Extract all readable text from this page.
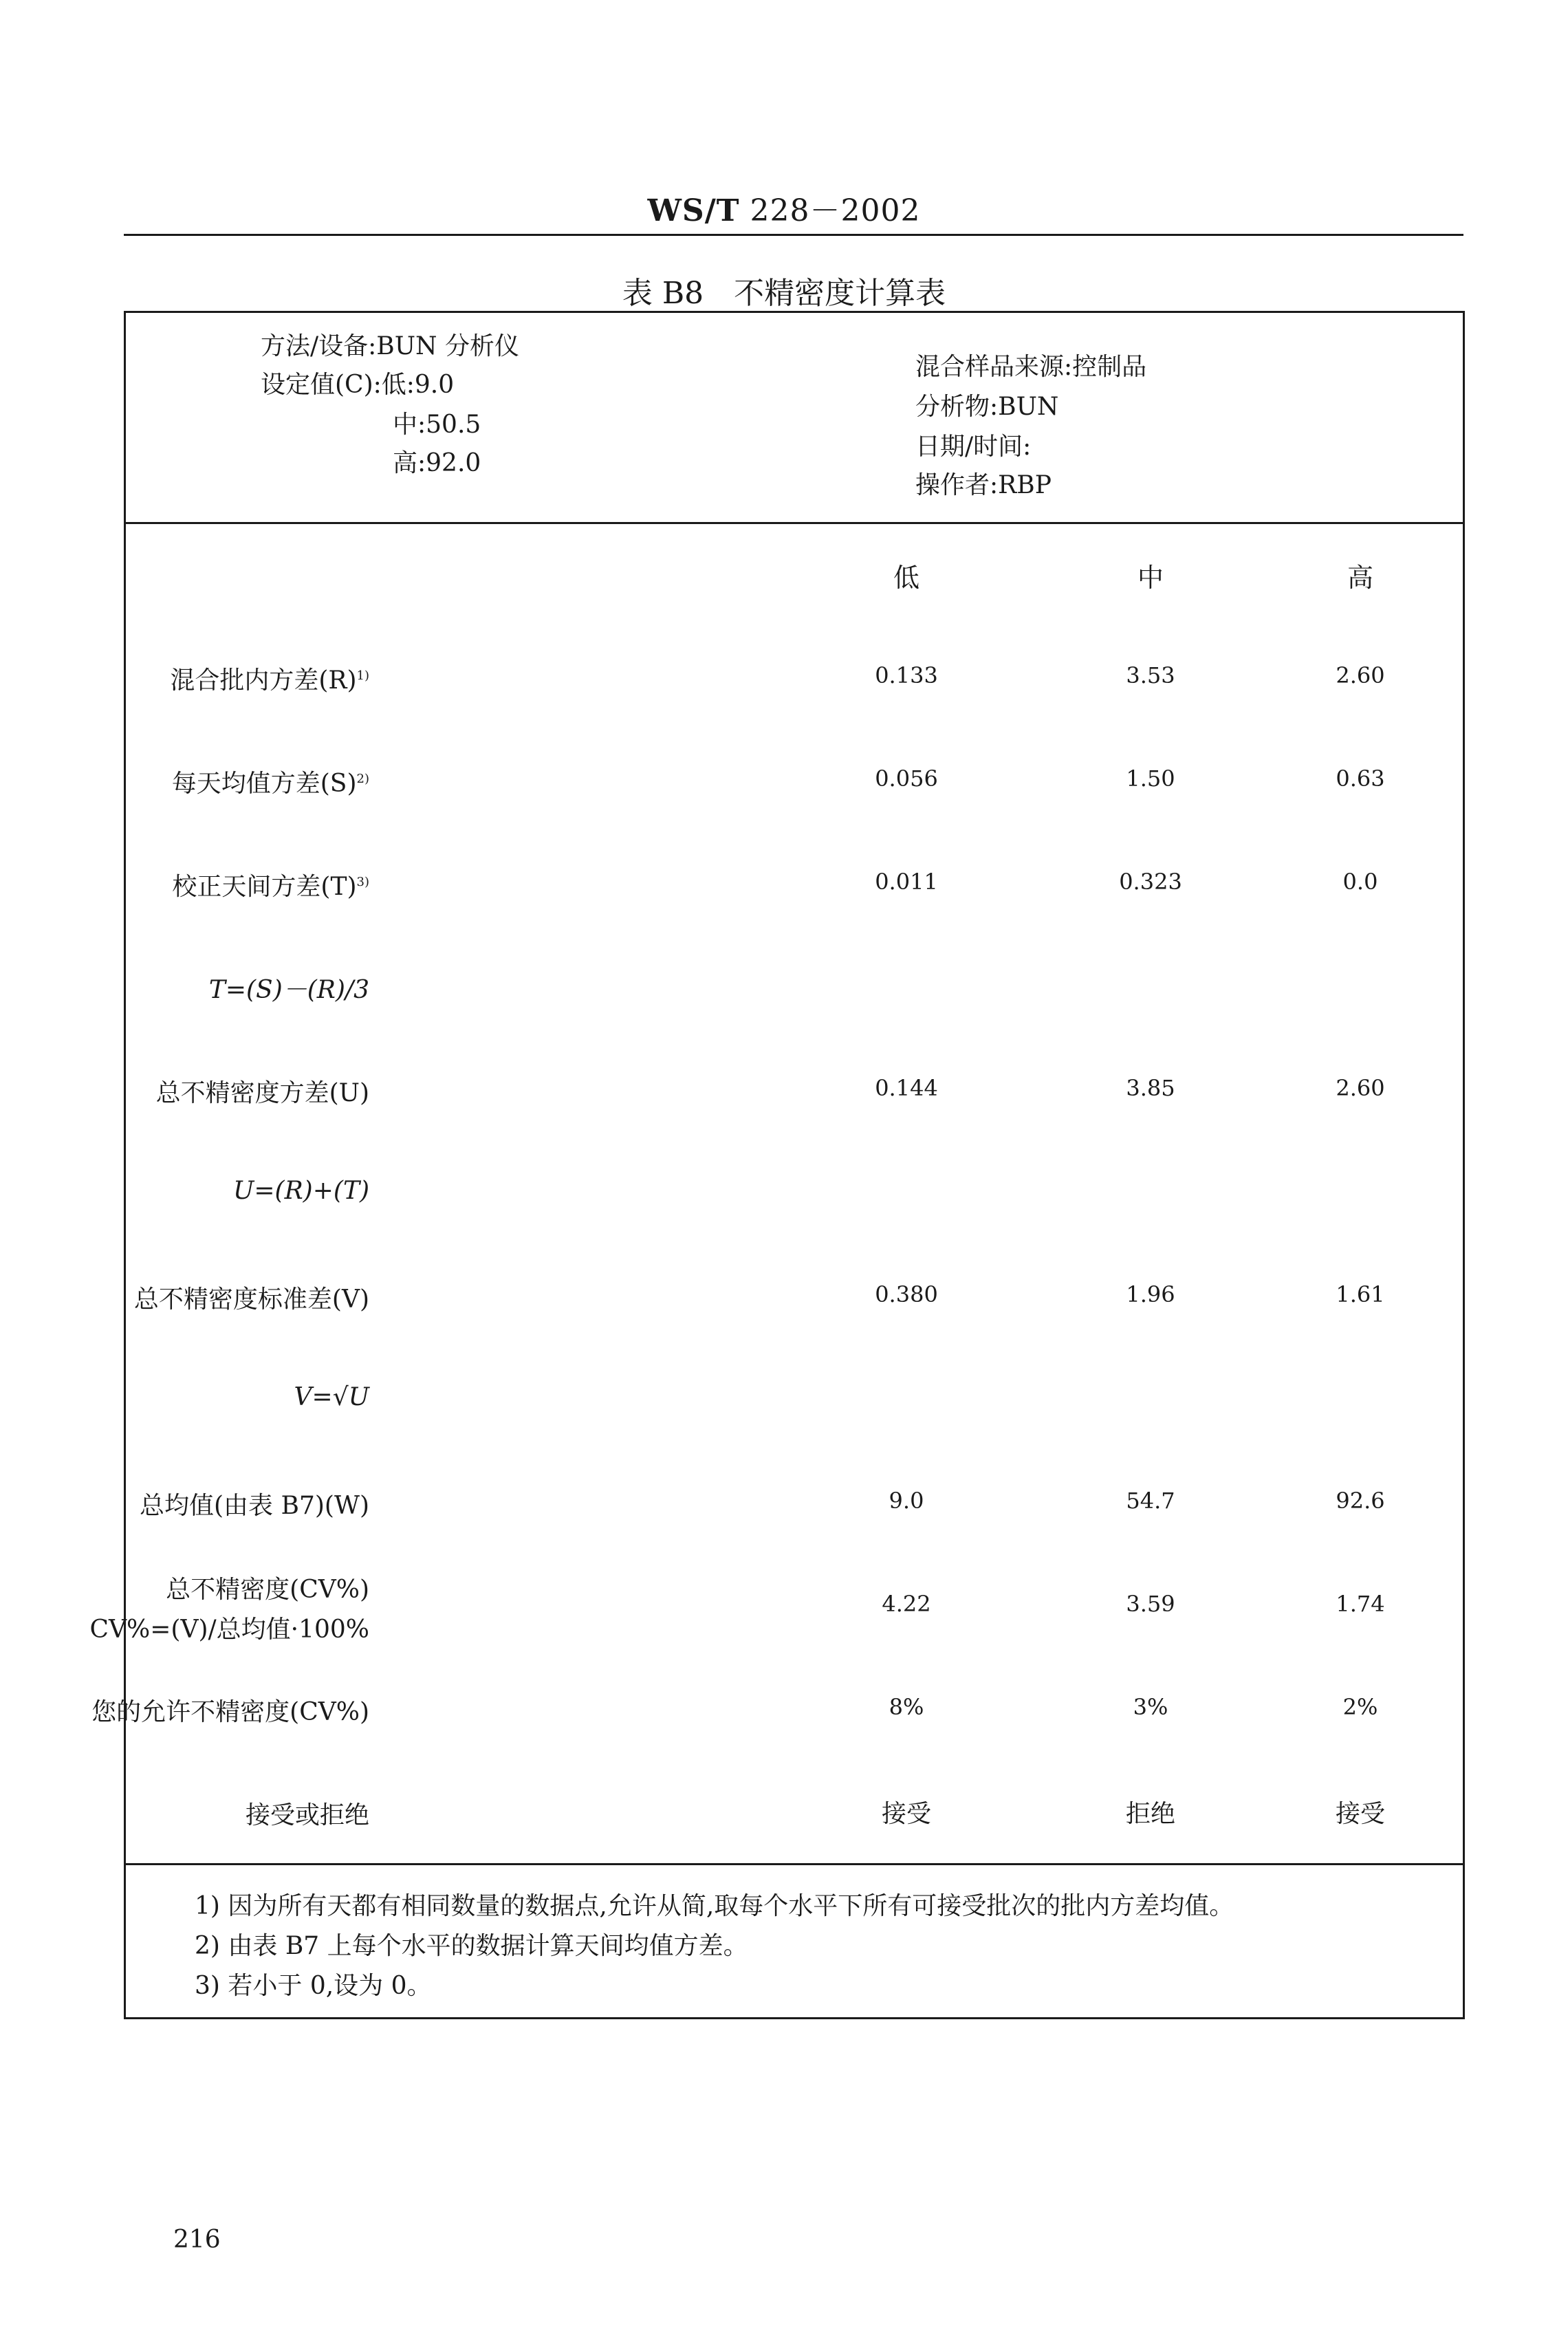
WS/T 228－2002
表 B8　不精密度计算表
方法/设备:BUN 分析仪
设定值(C):低:9.0
中:50.5
高:92.0
混合样品来源:控制品
分析物:BUN
日期/时间:
操作者:RBP
低	中	高
混合批内方差$(R)^{1)}$	0.133	3.53	2.60
每天均值方差$(S)^{2)}$	0.056	1.50	0.63
校正天间方差$(T)^{3)}$	0.011	0.323	0.0
T=(S)－(R)/3
总不精密度方差(U)	0.144	3.85	2.60
U=(R)+(T)
总不精密度标准差(V)	0.380	1.96	1.61
V=√U
总均值(由表 B7)(W)	9.0	54.7	92.6
总不精密度(CV%)
CV%=(V)/总均值·100%
4.22	3.59	1.74
您的允许不精密度(CV%)	8%	3%	2%
接受或拒绝	接受	拒绝	接受
1) 因为所有天都有相同数量的数据点,允许从简,取每个水平下所有可接受批次的批内方差均值。
2) 由表 B7 上每个水平的数据计算天间均值方差。
3) 若小于 0,设为 0。
216
